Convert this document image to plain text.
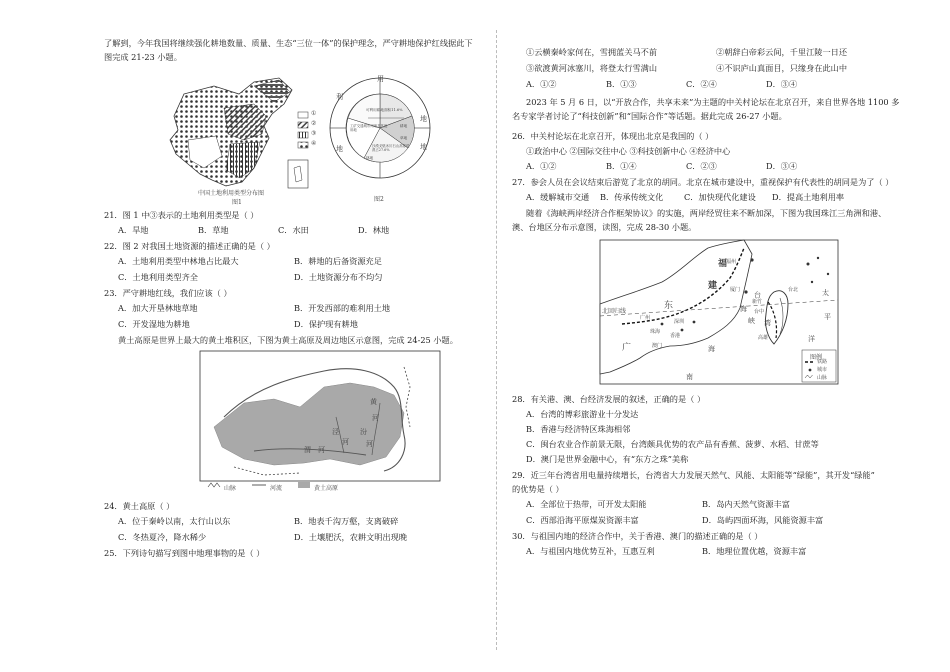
了解到，今年我国将继续强化耕地数量、质量、生态“三位一体”的保护理念，严守耕地保护红线据此下

图完成 21-23 小题。

①
②
③
④
中国土地利用类型分布图
图1
用
地
利
地	地
可利用耕地面积11.6%
耕地
工矿交通城市用地及其他用地
沙漠戈壁冰川石山高寒荒漠占27.6%
林地
草地
图2
21．图 1 中③表示的土地利用类型是（ ）
A．旱地	B．草地	C．水田	D．林地
22．图 2 对我国土地资源的描述正确的是（ ）
A．土地利用类型中林地占比最大	B．耕地的后备资源充足
C．土地利用类型齐全	D．土地资源分布不均匀
23．严守耕地红线，我们应该（ ）
A．加大开垦林地草地	B．开发西部的难利用土地
C．开发湿地为耕地	D．保护现有耕地

黄土高原是世界上最大的黄土堆积区，下图为黄土高原及周边地区示意图，完成 24-25 小题。

黄
河
渭 河
泾
河
汾
河
山脉	河流	黄土高原
24．黄土高原（ ）
A．位于秦岭以南，太行山以东	B．地表千沟万壑，支离破碎
C．冬热夏冷，降水稀少	D．土壤肥沃，农耕文明出现晚
25．下列诗句描写到图中地理事物的是（ ）
①云横秦岭家何在，雪拥蓝关马不前	②朝辞白帝彩云间，千里江陵一日还
③欲渡黄河冰塞川，将登太行雪满山	④不识庐山真面目，只缘身在此山中
A．①②	B．①③	C．②④	D．③④

2023 年 5 月 6 日，以“开放合作，共享未来”为主题的中关村论坛在北京召开，来自世界各地 1100 多

名专家学者讨论了“科技创新”和“国际合作”等话题。据此完成 26-27 小题。

26．中关村论坛在北京召开，体现出北京是我国的（ ）
①政治中心 ②国际交往中心 ③科技创新中心 ④经济中心
A．①②	B．①④	C．②③	D．③④
27．参会人员在会议结束后游览了北京的胡同。北京在城市建设中，重视保护有代表性的胡同是为了（ ）
A．缓解城市交通	B．传承传统文化	C．加快现代化建设	D．提高土地利用率

随着《海峡两岸经济合作框架协议》的实施，两岸经贸往来不断加深，下图为我国珠江三角洲和港、

澳、台地区分布示意图，读图，完成 28-30 小题。

福
建
广
东
台
湾
海
峡
南
海
太
平
洋
福州
厦门	台北
新竹
台中
高雄
香港
澳门
深圳
珠海
广州
北回归线
图例
铁路
城市
山脉
28．有关港、澳、台经济发展的叙述，正确的是（ ）
A．台湾的博彩旅游业十分发达
B．香港与经济特区珠海相邻
C．闽台农业合作前景无限，台湾颇具优势的农产品有香蕉、菠萝、水稻、甘蔗等
D．澳门是世界金融中心，有“东方之珠”美称
29．近三年台湾省用电量持续增长，台湾省大力发展天然气、风能、太阳能等“绿能”，其开发“绿能”
的优势是（ ）
A．全部位于热带，可开发太阳能	B．岛内天然气资源丰富
C．西部沿海平原煤炭资源丰富	D．岛屿四面环海，风能资源丰富
30．与祖国内地的经济合作中，关于香港、澳门的描述正确的是（ ）
A．与祖国内地优势互补，互惠互利	B．地理位置优越，资源丰富
